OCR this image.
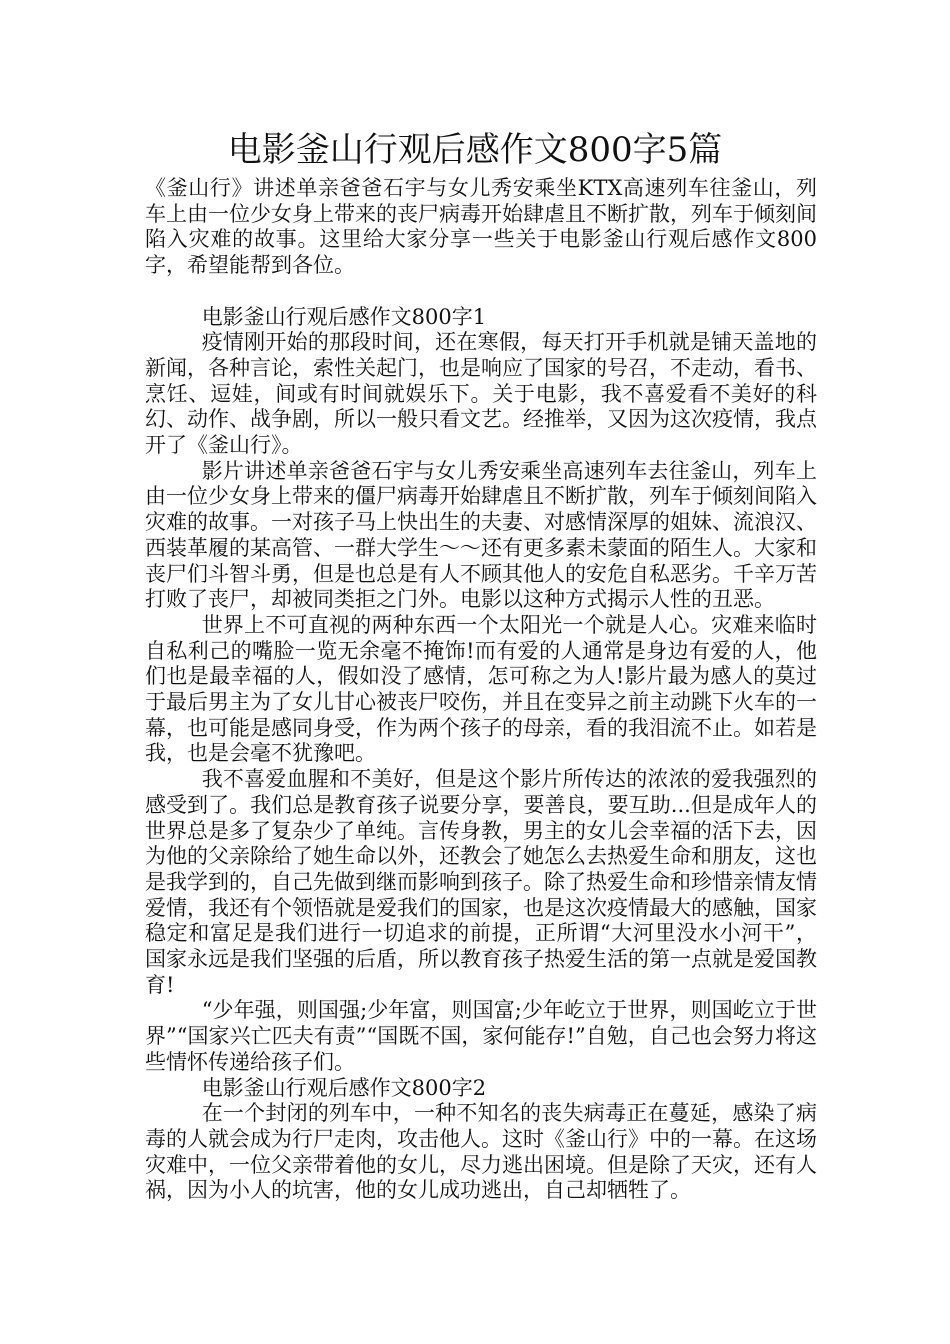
电影釜山行观后感作文800字5篇

《釜山行》讲述单亲爸爸石宇与女儿秀安乘坐KTX高速列车往釜山，列车上由一位少女身上带来的丧尸病毒开始肆虐且不断扩散，列车于倾刻间陷入灾难的故事。这里给大家分享一些关于电影釜山行观后感作文800字，希望能帮到各位。

电影釜山行观后感作文800字1

疫情刚开始的那段时间，还在寒假，每天打开手机就是铺天盖地的新闻，各种言论，索性关起门，也是响应了国家的号召，不走动，看书、烹饪、逗娃，间或有时间就娱乐下。关于电影，我不喜爱看不美好的科幻、动作、战争剧，所以一般只看文艺。经推举，又因为这次疫情，我点开了《釜山行》。

影片讲述单亲爸爸石宇与女儿秀安乘坐高速列车去往釜山，列车上由一位少女身上带来的僵尸病毒开始肆虐且不断扩散，列车于倾刻间陷入灾难的故事。一对孩子马上快出生的夫妻、对感情深厚的姐妹、流浪汉、西装革履的某高管、一群大学生～～还有更多素未蒙面的陌生人。大家和丧尸们斗智斗勇，但是也总是有人不顾其他人的安危自私恶劣。千辛万苦打败了丧尸，却被同类拒之门外。电影以这种方式揭示人性的丑恶。

世界上不可直视的两种东西一个太阳光一个就是人心。灾难来临时自私利己的嘴脸一览无余毫不掩饰!而有爱的人通常是身边有爱的人，他们也是最幸福的人，假如没了感情，怎可称之为人!影片最为感人的莫过于最后男主为了女儿甘心被丧尸咬伤，并且在变异之前主动跳下火车的一幕，也可能是感同身受，作为两个孩子的母亲，看的我泪流不止。如若是我，也是会毫不犹豫吧。

我不喜爱血腥和不美好，但是这个影片所传达的浓浓的爱我强烈的感受到了。我们总是教育孩子说要分享，要善良，要互助...但是成年人的世界总是多了复杂少了单纯。言传身教，男主的女儿会幸福的活下去，因为他的父亲除给了她生命以外，还教会了她怎么去热爱生命和朋友，这也是我学到的，自己先做到继而影响到孩子。除了热爱生命和珍惜亲情友情爱情，我还有个领悟就是爱我们的国家，也是这次疫情最大的感触，国家稳定和富足是我们进行一切追求的前提，正所谓“大河里没水小河干”，国家永远是我们坚强的后盾，所以教育孩子热爱生活的第一点就是爱国教育!

“少年强，则国强;少年富，则国富;少年屹立于世界，则国屹立于世界”“国家兴亡匹夫有责”“国既不国，家何能存!”自勉，自己也会努力将这些情怀传递给孩子们。

电影釜山行观后感作文800字2

在一个封闭的列车中，一种不知名的丧失病毒正在蔓延，感染了病毒的人就会成为行尸走肉，攻击他人。这时《釜山行》中的一幕。在这场灾难中，一位父亲带着他的女儿，尽力逃出困境。但是除了天灾，还有人祸，因为小人的坑害，他的女儿成功逃出，自己却牺牲了。
